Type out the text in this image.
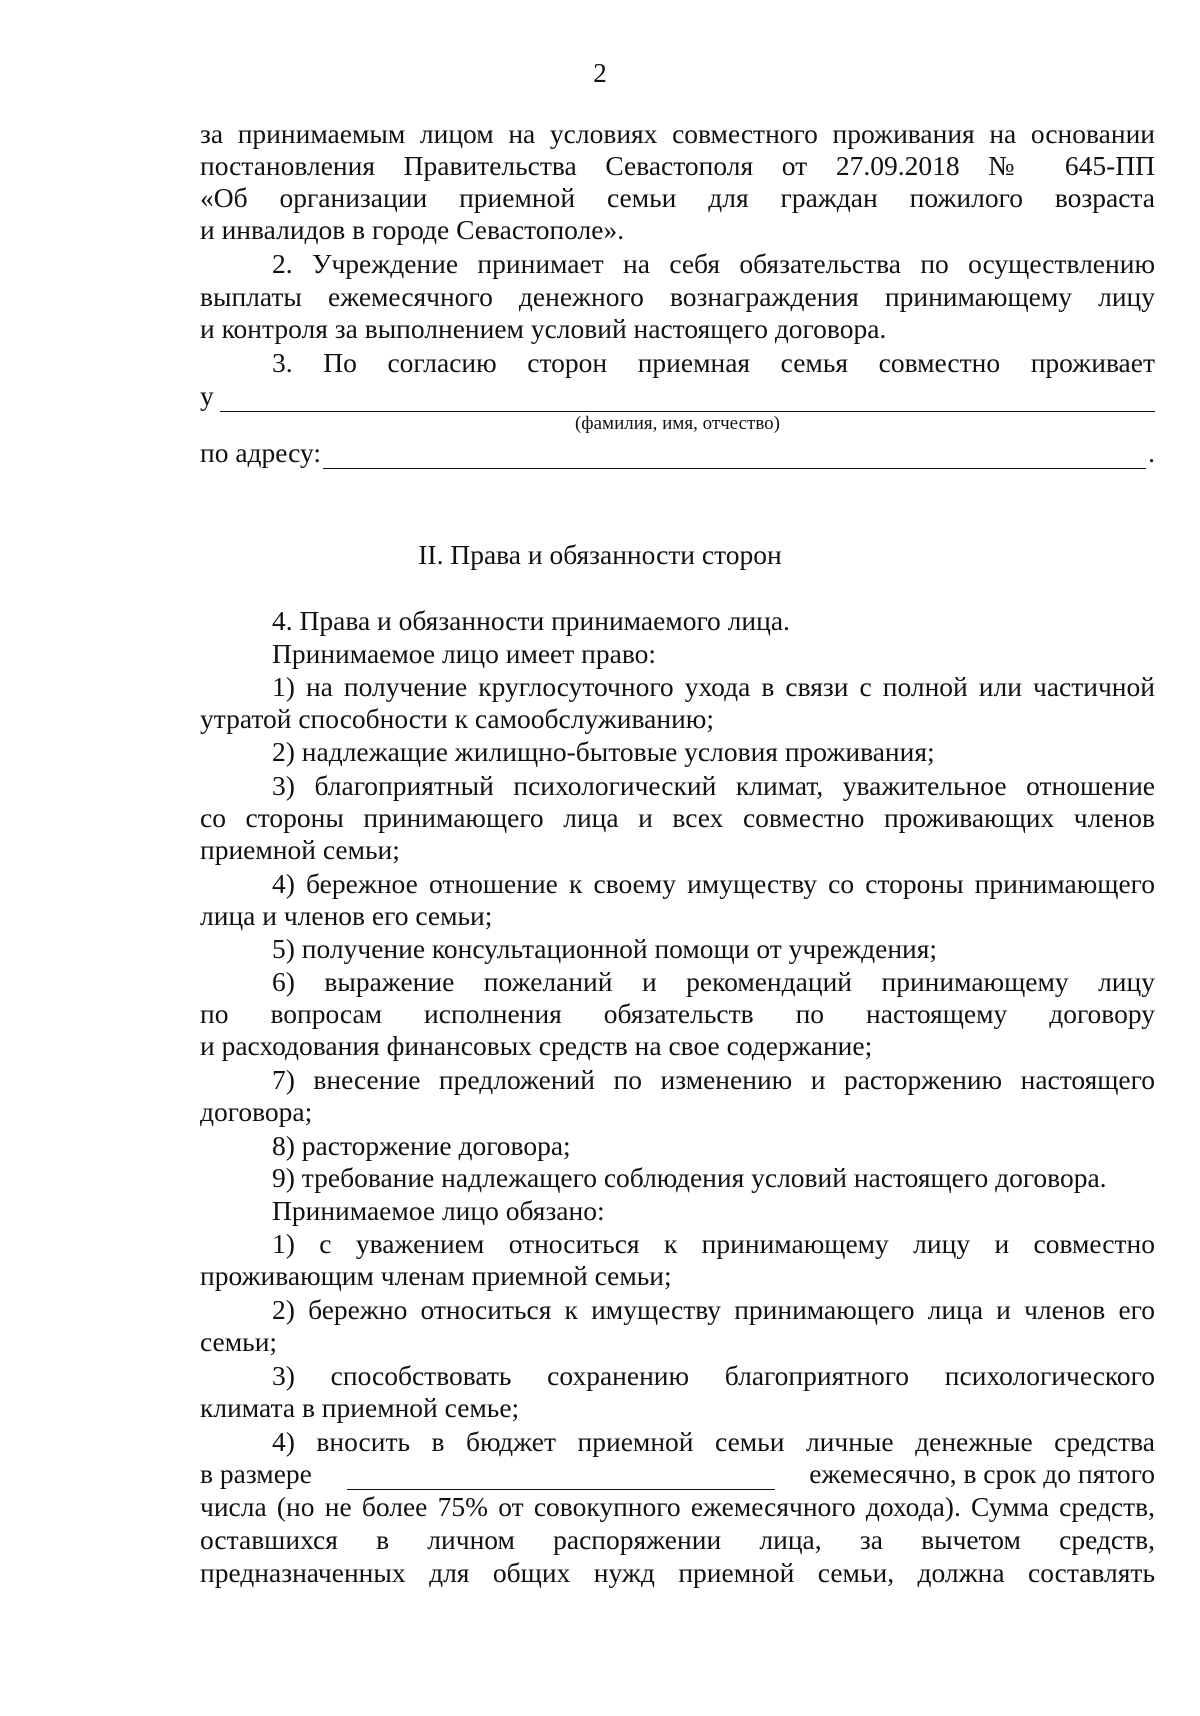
2
за принимаемым лицом на условиях совместного проживания на основании
постановления Правительства Севастополя от 27.09.2018 № 645-ПП
«Об организации приемной семьи для граждан пожилого возраста
и инвалидов в городе Севастополе».
2. Учреждение принимает на себя обязательства по осуществлению
выплаты ежемесячного денежного вознаграждения принимающему лицу
и контроля за выполнением условий настоящего договора.
3. По согласию сторон приемная семья совместно проживает
у
(фамилия, имя, отчество)
по адресу:	.
II. Права и обязанности сторон
4. Права и обязанности принимаемого лица.
Принимаемое лицо имеет право:
1) на получение круглосуточного ухода в связи с полной или частичной
утратой способности к самообслуживанию;
2) надлежащие жилищно-бытовые условия проживания;
3) благоприятный психологический климат, уважительное отношение
со стороны принимающего лица и всех совместно проживающих членов
приемной семьи;
4) бережное отношение к своему имуществу со стороны принимающего
лица и членов его семьи;
5) получение консультационной помощи от учреждения;
6) выражение пожеланий и рекомендаций принимающему лицу
по вопросам исполнения обязательств по настоящему договору
и расходования финансовых средств на свое содержание;
7) внесение предложений по изменению и расторжению настоящего
договора;
8) расторжение договора;
9) требование надлежащего соблюдения условий настоящего договора.
Принимаемое лицо обязано:
1) с уважением относиться к принимающему лицу и совместно
проживающим членам приемной семьи;
2) бережно относиться к имуществу принимающего лица и членов его
семьи;
3) способствовать сохранению благоприятного психологического
климата в приемной семье;
4) вносить в бюджет приемной семьи личные денежные средства
в размере	ежемесячно, в срок до пятого
числа (но не более 75% от совокупного ежемесячного дохода). Сумма средств,
оставшихся в личном распоряжении лица, за вычетом средств,
предназначенных для общих нужд приемной семьи, должна составлять
